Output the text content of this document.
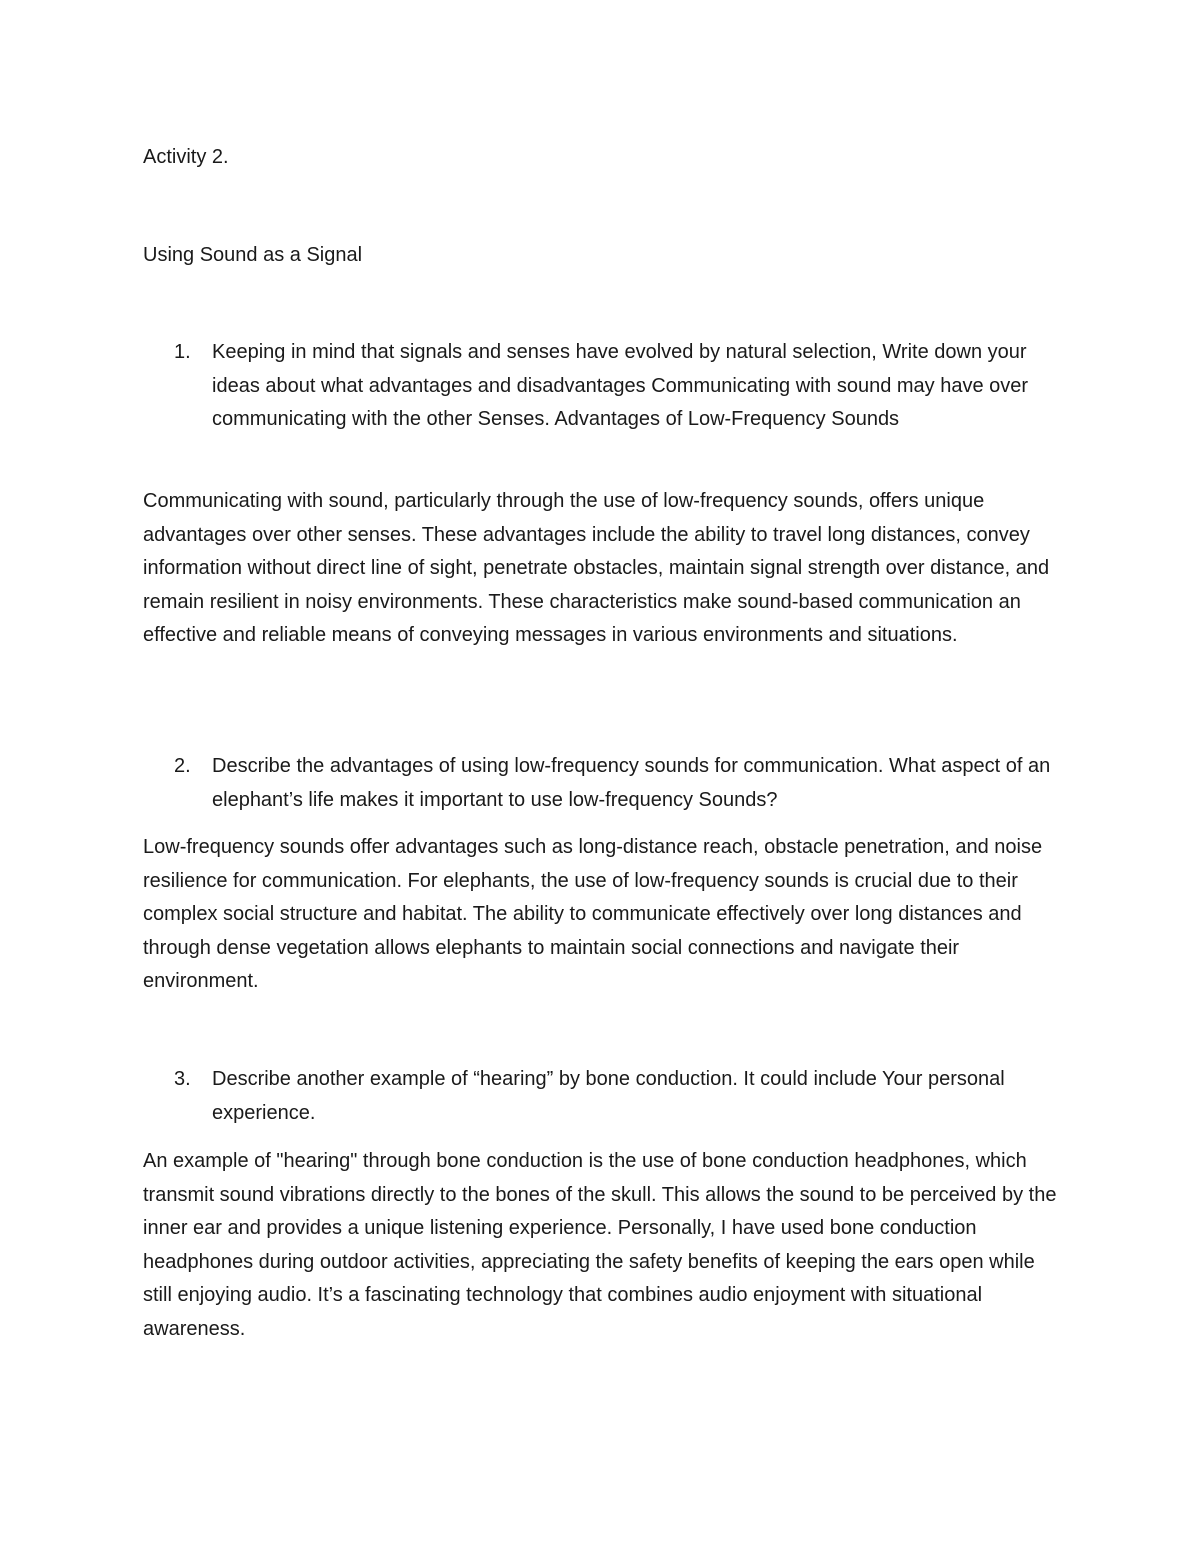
Activity 2.

Using Sound as a Signal

1.	Keeping in mind that signals and senses have evolved by natural selection, Write down your ideas about what advantages and disadvantages Communicating with sound may have over communicating with the other Senses. Advantages of Low-Frequency Sounds

Communicating with sound, particularly through the use of low-frequency sounds, offers unique advantages over other senses. These advantages include the ability to travel long distances, convey information without direct line of sight, penetrate obstacles, maintain signal strength over distance, and remain resilient in noisy environments. These characteristics make sound-based communication an effective and reliable means of conveying messages in various environments and situations.

2.	Describe the advantages of using low-frequency sounds for communication. What aspect of an elephant’s life makes it important to use low-frequency Sounds?

Low-frequency sounds offer advantages such as long-distance reach, obstacle penetration, and noise resilience for communication. For elephants, the use of low-frequency sounds is crucial due to their complex social structure and habitat. The ability to communicate effectively over long distances and through dense vegetation allows elephants to maintain social connections and navigate their environment.

3.	Describe another example of “hearing” by bone conduction. It could include Your personal experience.

An example of "hearing" through bone conduction is the use of bone conduction headphones, which transmit sound vibrations directly to the bones of the skull. This allows the sound to be perceived by the inner ear and provides a unique listening experience. Personally, I have used bone conduction headphones during outdoor activities, appreciating the safety benefits of keeping the ears open while still enjoying audio. It’s a fascinating technology that combines audio enjoyment with situational awareness.
